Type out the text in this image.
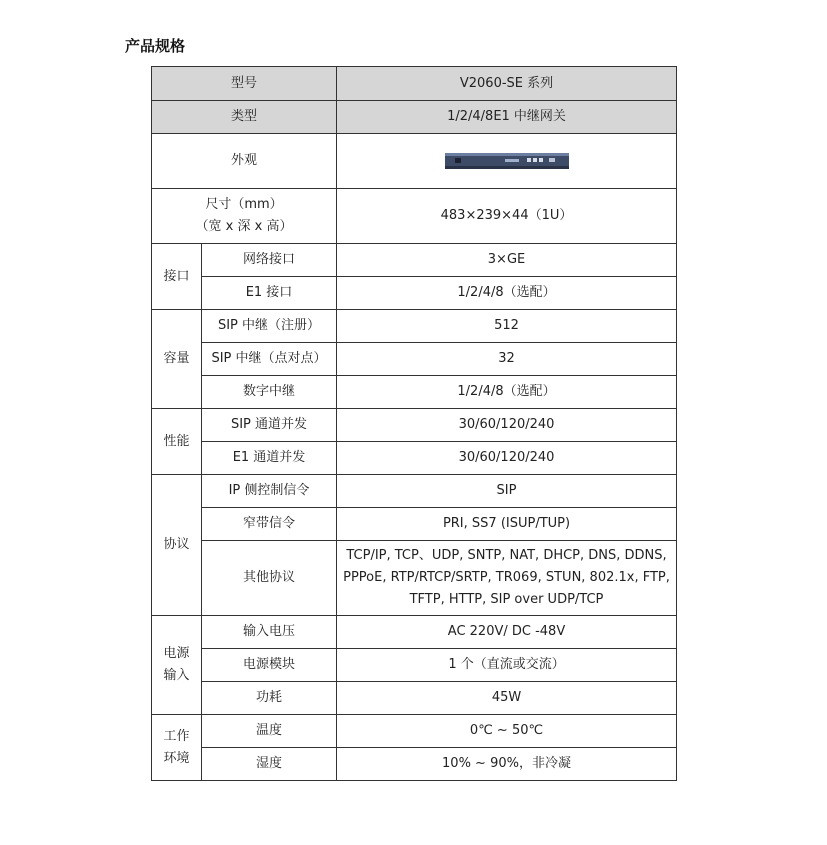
产品规格
型号		V2060-SE 系列
类型		1/2/4/8E1 中继网关
外观	

尺寸（mm）
（宽 x 深 x 高）		483×239×44（1U）
接口	网络接口	3×GE
	E1 接口	1/2/4/8（选配）
容量	SIP 中继（注册）	512
	SIP 中继（点对点）	32
	数字中继	1/2/4/8（选配）
性能	SIP 通道并发	30/60/120/240
	E1 通道并发	30/60/120/240
协议	IP 侧控制信令	SIP
	窄带信令	PRI, SS7 (ISUP/TUP)
	其他协议	TCP/IP, TCP、UDP, SNTP, NAT, DHCP, DNS, DDNS,
PPPoE, RTP/RTCP/SRTP, TR069, STUN, 802.1x, FTP,
TFTP, HTTP, SIP over UDP/TCP

电源
输入	输入电压	AC 220V/ DC -48V
	电源模块	1 个（直流或交流）
	功耗	45W

工作
环境	温度	0℃ ~ 50℃
	湿度	10% ~ 90%，非冷凝
